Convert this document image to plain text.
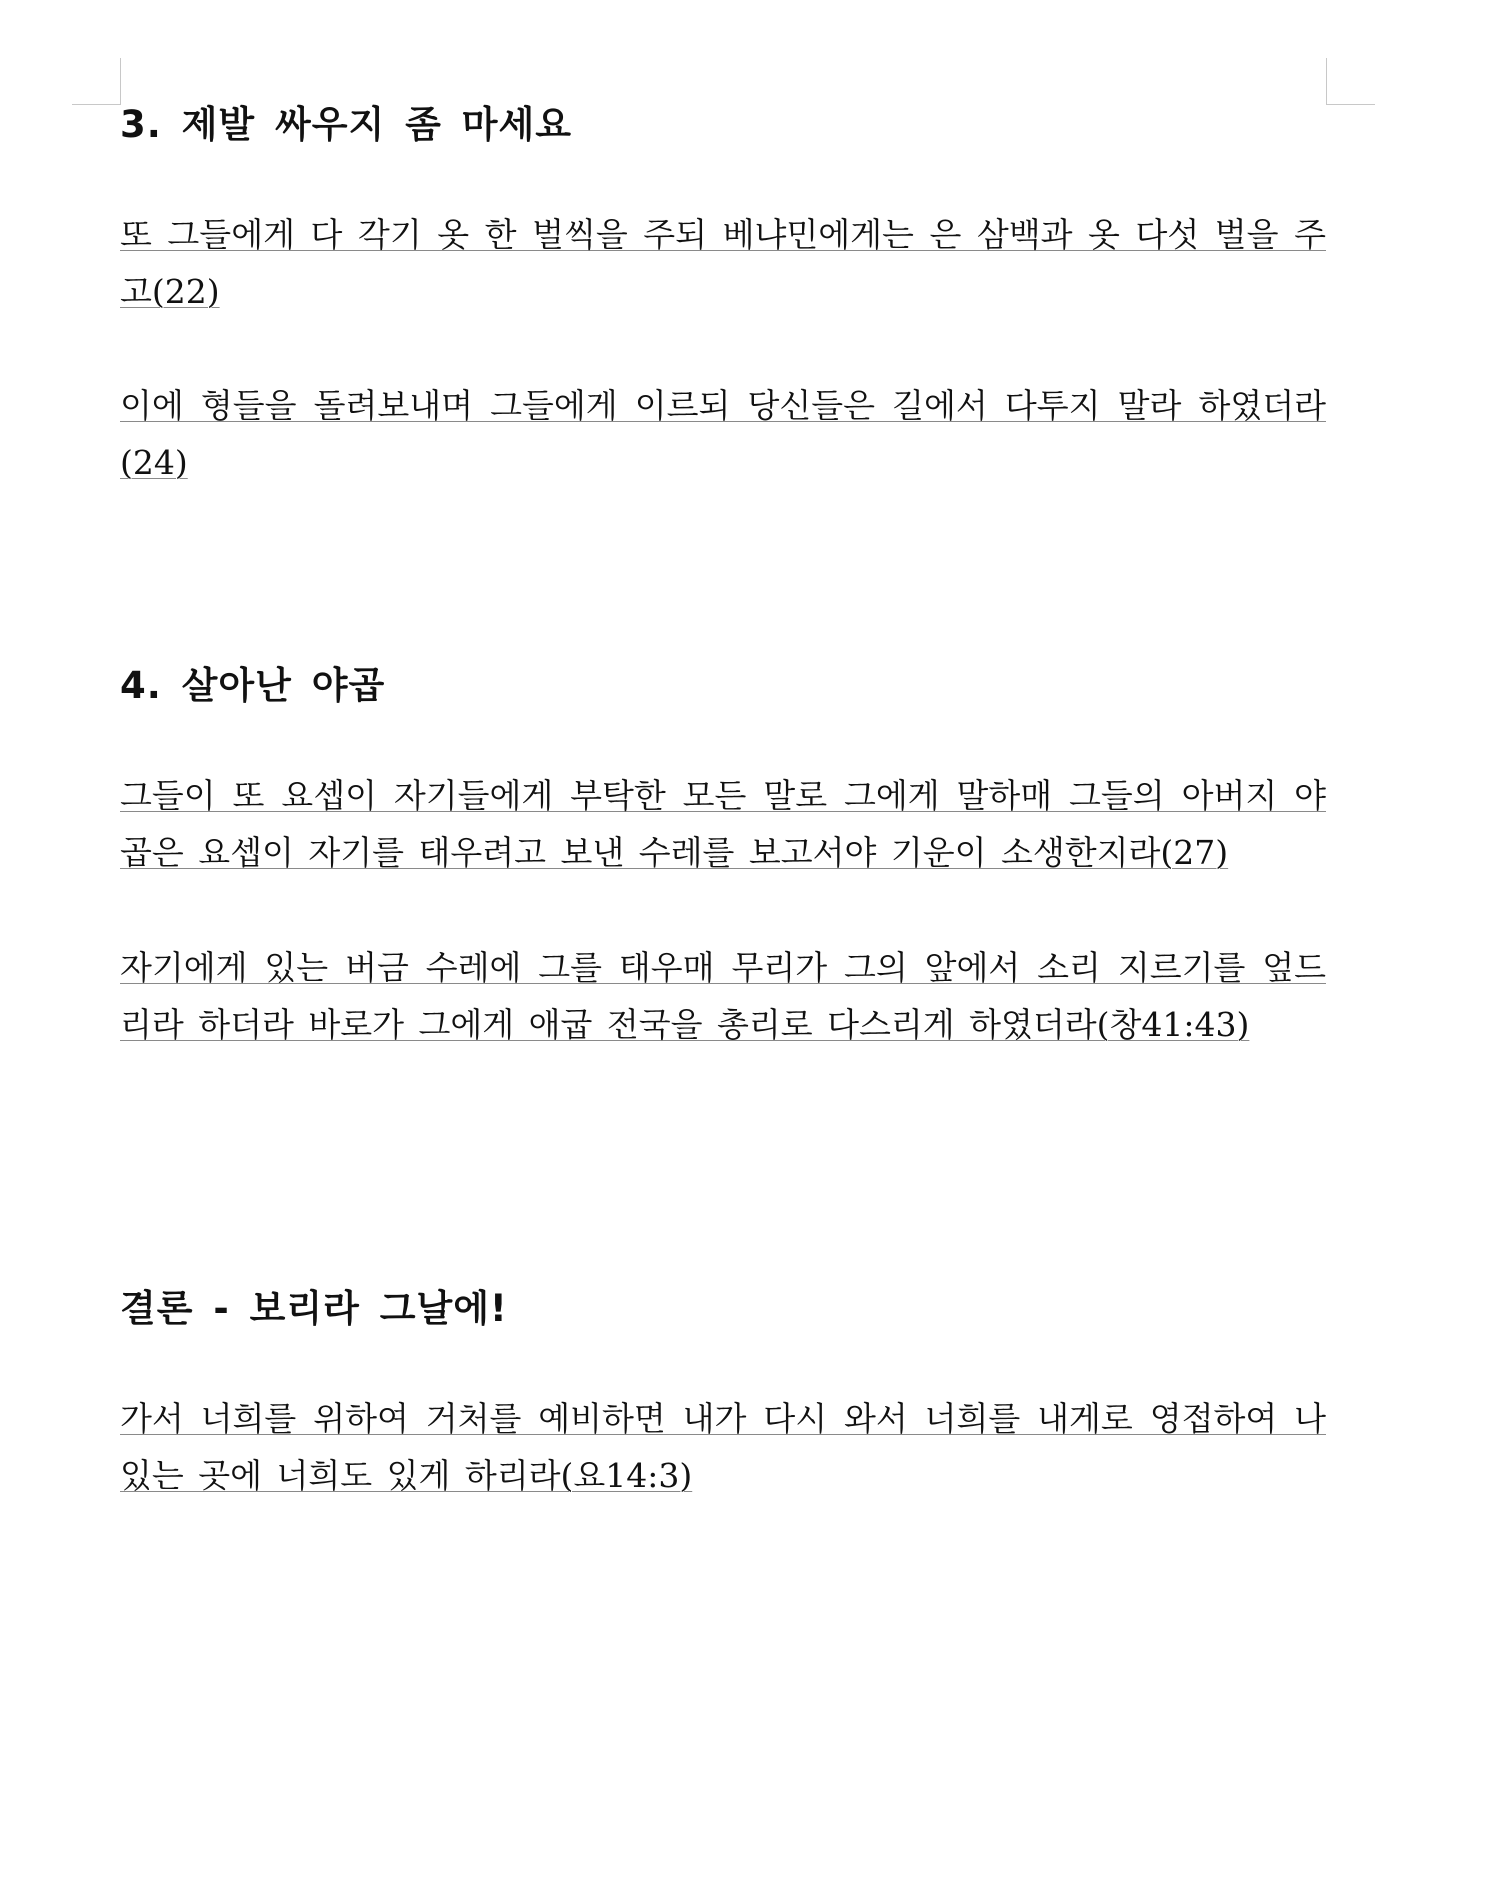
3. 제발 싸우지 좀 마세요

또 그들에게 다 각기 옷 한 벌씩을 주되 베냐민에게는 은 삼백과 옷 다섯 벌을 주고(22)

이에 형들을 돌려보내며 그들에게 이르되 당신들은 길에서 다투지 말라 하였더라(24)

4. 살아난 야곱

그들이 또 요셉이 자기들에게 부탁한 모든 말로 그에게 말하매 그들의 아버지 야곱은 요셉이 자기를 태우려고 보낸 수레를 보고서야 기운이 소생한지라(27)

자기에게 있는 버금 수레에 그를 태우매 무리가 그의 앞에서 소리 지르기를 엎드리라 하더라 바로가 그에게 애굽 전국을 총리로 다스리게 하였더라(창41:43)

결론 - 보리라 그날에!

가서 너희를 위하여 거처를 예비하면 내가 다시 와서 너희를 내게로 영접하여 나 있는 곳에 너희도 있게 하리라(요14:3)
